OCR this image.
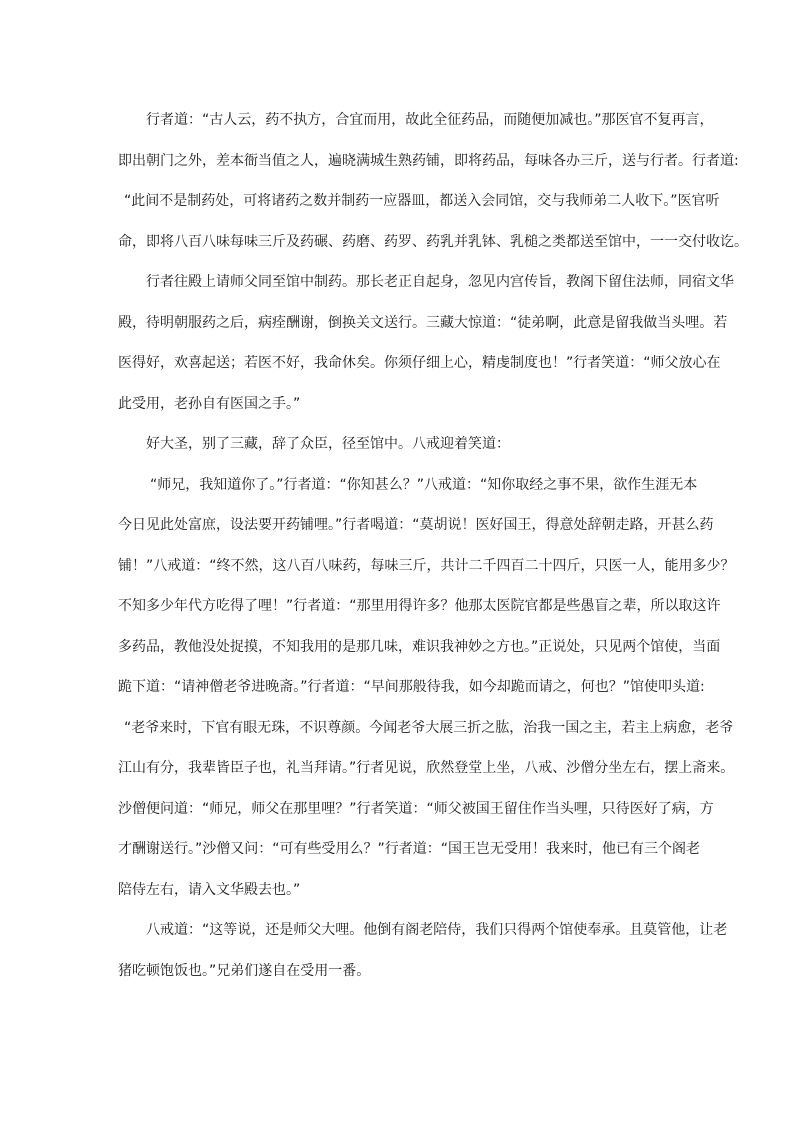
行者道：“古人云，药不执方，合宜而用，故此全征药品，而随便加减也。”那医官不复再言，
即出朝门之外，差本衙当值之人，遍晓满城生熟药铺，即将药品，每味各办三斤，送与行者。行者道:
“此间不是制药处，可将诸药之数并制药一应器皿，都送入会同馆，交与我师弟二人收下。”医官听
命，即将八百八味每味三斤及药碾、药磨、药罗、药乳并乳钵、乳槌之类都送至馆中，一一交付收讫。
行者往殿上请师父同至馆中制药。那长老正自起身，忽见内宫传旨，教阁下留住法师，同宿文华
殿，待明朝服药之后，病痊酬谢，倒换关文送行。三藏大惊道：“徒弟啊，此意是留我做当头哩。若
医得好，欢喜起送；若医不好，我命休矣。你须仔细上心，精虔制度也！”行者笑道：“师父放心在
此受用，老孙自有医国之手。”
好大圣，别了三藏，辞了众臣，径至馆中。八戒迎着笑道：
“师兄，我知道你了。”行者道：“你知甚么？”八戒道：“知你取经之事不果，欲作生涯无本
今日见此处富庶，设法要开药铺哩。”行者喝道：“莫胡说！医好国王，得意处辞朝走路，开甚么药
铺！”八戒道：“终不然，这八百八味药，每味三斤，共计二千四百二十四斤，只医一人，能用多少？
不知多少年代方吃得了哩！”行者道：“那里用得许多？他那太医院官都是些愚盲之辈，所以取这许
多药品，教他没处捉摸，不知我用的是那几味，难识我神妙之方也。”正说处，只见两个馆使，当面
跪下道：“请神僧老爷进晚斋。”行者道：“早间那般待我，如今却跪而请之，何也？”馆使叩头道:
“老爷来时，下官有眼无珠，不识尊颜。今闻老爷大展三折之肱，治我一国之主，若主上病愈，老爷
江山有分，我辈皆臣子也，礼当拜请。”行者见说，欣然登堂上坐，八戒、沙僧分坐左右，摆上斋来。
沙僧便问道：“师兄，师父在那里哩？”行者笑道：“师父被国王留住作当头哩，只待医好了病，方
才酬谢送行。”沙僧又问：“可有些受用么？”行者道：“国王岂无受用！我来时，他已有三个阁老
陪侍左右，请入文华殿去也。”
八戒道：“这等说，还是师父大哩。他倒有阁老陪侍，我们只得两个馆使奉承。且莫管他，让老
猪吃顿饱饭也。”兄弟们遂自在受用一番。
